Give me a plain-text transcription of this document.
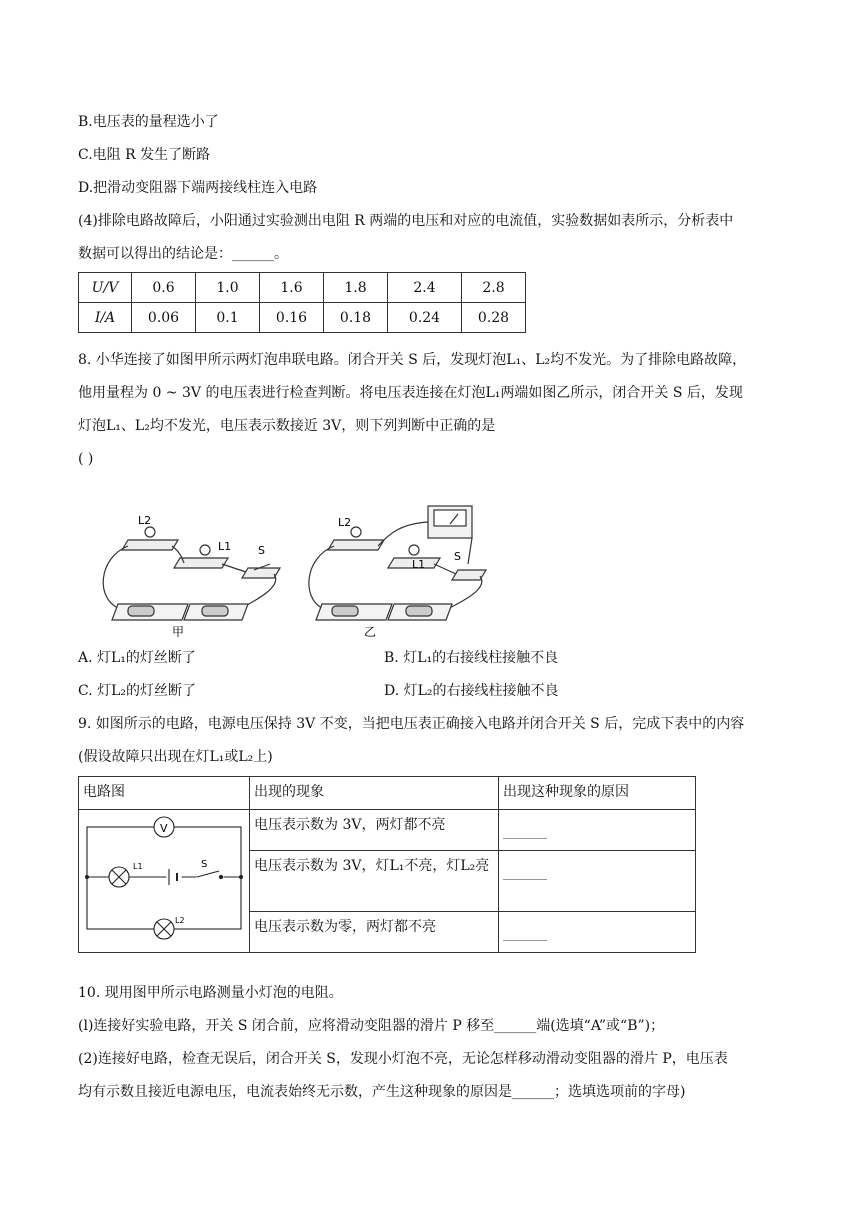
B.电压表的量程选小了
C.电阻 R 发生了断路
D.把滑动变阻器下端两接线柱连入电路
(4)排除电路故障后，小阳通过实验测出电阻 R 两端的电压和对应的电流值，实验数据如表所示，分析表中
数据可以得出的结论是：______。
U/V	0.6	1.0	1.6	1.8	2.4	2.8
I/A	0.06	0.1	0.16	0.18	0.24	0.28
8. 小华连接了如图甲所示两灯泡串联电路。闭合开关 S 后，发现灯泡L₁、L₂均不发光。为了排除电路故障，
他用量程为 0 ~ 3V 的电压表进行检查判断。将电压表连接在灯泡L₁两端如图乙所示，闭合开关 S 后，发现
灯泡L₁、L₂均不发光，电压表示数接近 3V，则下列判断中正确的是
( )
L2
L1 S
甲
L2
L1
S
乙
A. 灯L₁的灯丝断了	B. 灯L₁的右接线柱接触不良
C. 灯L₂的灯丝断了	D. 灯L₂的右接线柱接触不良
9. 如图所示的电路，电源电压保持 3V 不变，当把电压表正确接入电路并闭合开关 S 后，完成下表中的内容
(假设故障只出现在灯L₁或L₂上)
电路图	出现的现象	出现这种现象的原因

V
L1 S
L2	电压表示数为 3V，两灯都不亮	
	电压表示数为 3V，灯L₁不亮，灯L₂亮	
	电压表示数为零，两灯都不亮	
10. 现用图甲所示电路测量小灯泡的电阻。
(l)连接好实验电路，开关 S 闭合前，应将滑动变阻器的滑片 P 移至______端(选填“A”或“B”)；
(2)连接好电路，检查无误后，闭合开关 S，发现小灯泡不亮，无论怎样移动滑动变阻器的滑片 P，电压表
均有示数且接近电源电压，电流表始终无示数，产生这种现象的原因是______；选填选项前的字母)
